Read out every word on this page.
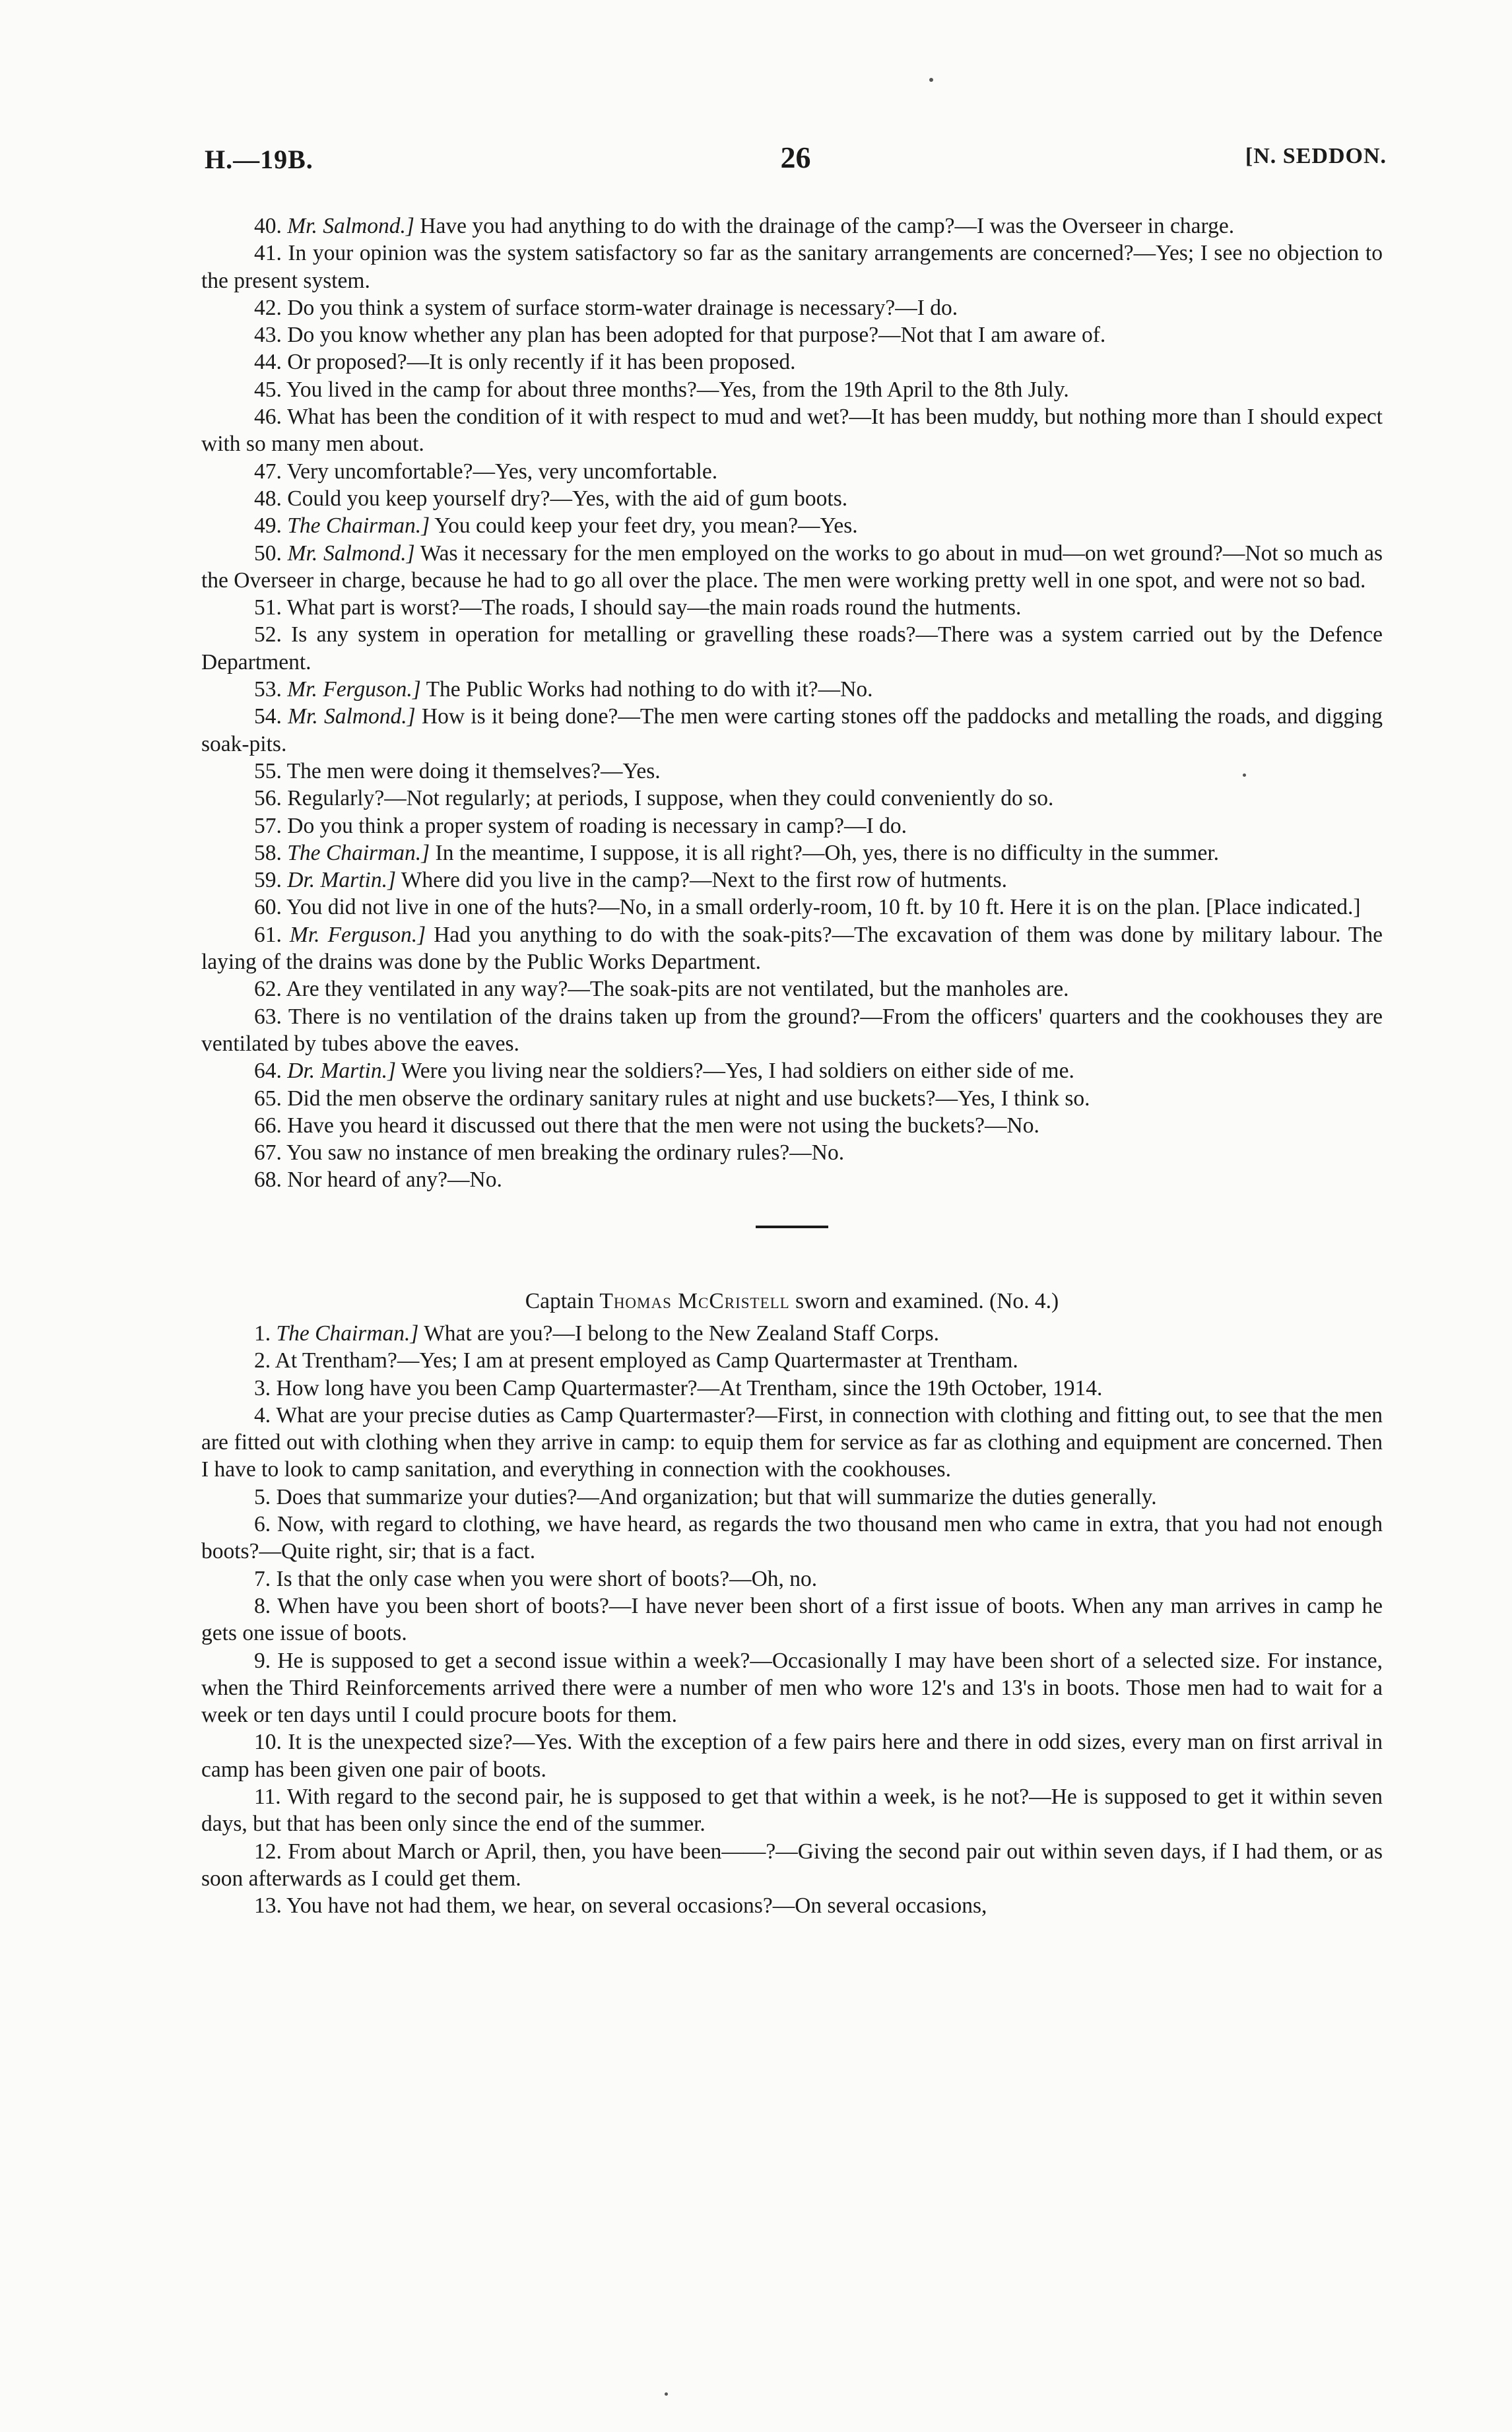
H.—19B.	26	[N. SEDDON.

40. Mr. Salmond.] Have you had anything to do with the drainage of the camp?—I was the Overseer in charge.

41. In your opinion was the system satisfactory so far as the sanitary arrangements are concerned?—Yes; I see no objection to the present system.

42. Do you think a system of surface storm-water drainage is necessary?—I do.

43. Do you know whether any plan has been adopted for that purpose?—Not that I am aware of.

44. Or proposed?—It is only recently if it has been proposed.

45. You lived in the camp for about three months?—Yes, from the 19th April to the 8th July.

46. What has been the condition of it with respect to mud and wet?—It has been muddy, but nothing more than I should expect with so many men about.

47. Very uncomfortable?—Yes, very uncomfortable.

48. Could you keep yourself dry?—Yes, with the aid of gum boots.

49. The Chairman.] You could keep your feet dry, you mean?—Yes.

50. Mr. Salmond.] Was it necessary for the men employed on the works to go about in mud—on wet ground?—Not so much as the Overseer in charge, because he had to go all over the place. The men were working pretty well in one spot, and were not so bad.

51. What part is worst?—The roads, I should say—the main roads round the hutments.

52. Is any system in operation for metalling or gravelling these roads?—There was a system carried out by the Defence Department.

53. Mr. Ferguson.] The Public Works had nothing to do with it?—No.

54. Mr. Salmond.] How is it being done?—The men were carting stones off the paddocks and metalling the roads, and digging soak-pits.

55. The men were doing it themselves?—Yes.

56. Regularly?—Not regularly; at periods, I suppose, when they could conveniently do so.

57. Do you think a proper system of roading is necessary in camp?—I do.

58. The Chairman.] In the meantime, I suppose, it is all right?—Oh, yes, there is no difficulty in the summer.

59. Dr. Martin.] Where did you live in the camp?—Next to the first row of hutments.

60. You did not live in one of the huts?—No, in a small orderly-room, 10 ft. by 10 ft. Here it is on the plan. [Place indicated.]

61. Mr. Ferguson.] Had you anything to do with the soak-pits?—The excavation of them was done by military labour. The laying of the drains was done by the Public Works Department.

62. Are they ventilated in any way?—The soak-pits are not ventilated, but the manholes are.

63. There is no ventilation of the drains taken up from the ground?—From the officers' quarters and the cookhouses they are ventilated by tubes above the eaves.

64. Dr. Martin.] Were you living near the soldiers?—Yes, I had soldiers on either side of me.

65. Did the men observe the ordinary sanitary rules at night and use buckets?—Yes, I think so.

66. Have you heard it discussed out there that the men were not using the buckets?—No.

67. You saw no instance of men breaking the ordinary rules?—No.

68. Nor heard of any?—No.

Captain Thomas McCristell sworn and examined. (No. 4.)

1. The Chairman.] What are you?—I belong to the New Zealand Staff Corps.

2. At Trentham?—Yes; I am at present employed as Camp Quartermaster at Trentham.

3. How long have you been Camp Quartermaster?—At Trentham, since the 19th October, 1914.

4. What are your precise duties as Camp Quartermaster?—First, in connection with clothing and fitting out, to see that the men are fitted out with clothing when they arrive in camp: to equip them for service as far as clothing and equipment are concerned. Then I have to look to camp sanitation, and everything in connection with the cookhouses.

5. Does that summarize your duties?—And organization; but that will summarize the duties generally.

6. Now, with regard to clothing, we have heard, as regards the two thousand men who came in extra, that you had not enough boots?—Quite right, sir; that is a fact.

7. Is that the only case when you were short of boots?—Oh, no.

8. When have you been short of boots?—I have never been short of a first issue of boots. When any man arrives in camp he gets one issue of boots.

9. He is supposed to get a second issue within a week?—Occasionally I may have been short of a selected size. For instance, when the Third Reinforcements arrived there were a number of men who wore 12's and 13's in boots. Those men had to wait for a week or ten days until I could procure boots for them.

10. It is the unexpected size?—Yes. With the exception of a few pairs here and there in odd sizes, every man on first arrival in camp has been given one pair of boots.

11. With regard to the second pair, he is supposed to get that within a week, is he not?—He is supposed to get it within seven days, but that has been only since the end of the summer.

12. From about March or April, then, you have been——?—Giving the second pair out within seven days, if I had them, or as soon afterwards as I could get them.

13. You have not had them, we hear, on several occasions?—On several occasions,
